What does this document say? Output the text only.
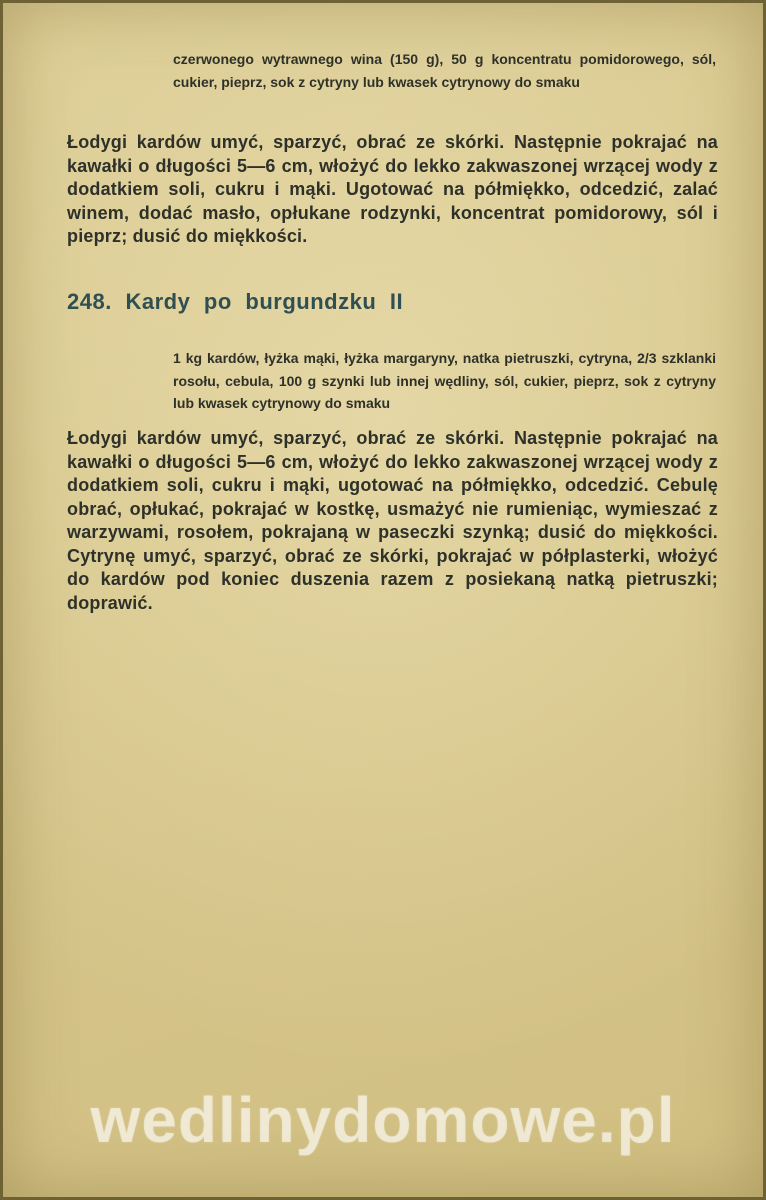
czerwonego wytrawnego wina (150 g), 50 g koncentratu pomidorowego, sól, cukier, pieprz, sok z cytryny lub kwasek cytrynowy do smaku
Łodygi kardów umyć, sparzyć, obrać ze skórki. Następnie pokrajać na kawałki o długości 5—6 cm, włożyć do lekko zakwaszonej wrzącej wody z dodatkiem soli, cukru i mąki. Ugotować na półmiękko, odcedzić, zalać winem, dodać masło, opłukane rodzynki, koncentrat pomidorowy, sól i pieprz; dusić do miękkości.
248. Kardy po burgundzku II
1 kg kardów, łyżka mąki, łyżka margaryny, natka pietruszki, cytryna, 2/3 szklanki rosołu, cebula, 100 g szynki lub innej wędliny, sól, cukier, pieprz, sok z cytryny lub kwasek cytrynowy do smaku
Łodygi kardów umyć, sparzyć, obrać ze skórki. Następnie pokrajać na kawałki o długości 5—6 cm, włożyć do lekko zakwaszonej wrzącej wody z dodatkiem soli, cukru i mąki, ugotować na półmiękko, odcedzić. Cebulę obrać, opłukać, pokrajać w kostkę, usmażyć nie rumieniąc, wymieszać z warzywami, rosołem, pokrajaną w paseczki szynką; dusić do miękkości. Cytrynę umyć, sparzyć, obrać ze skórki, pokrajać w półplasterki, włożyć do kardów pod koniec duszenia razem z posiekaną natką pietruszki; doprawić.
wedlinydomowe.pl
